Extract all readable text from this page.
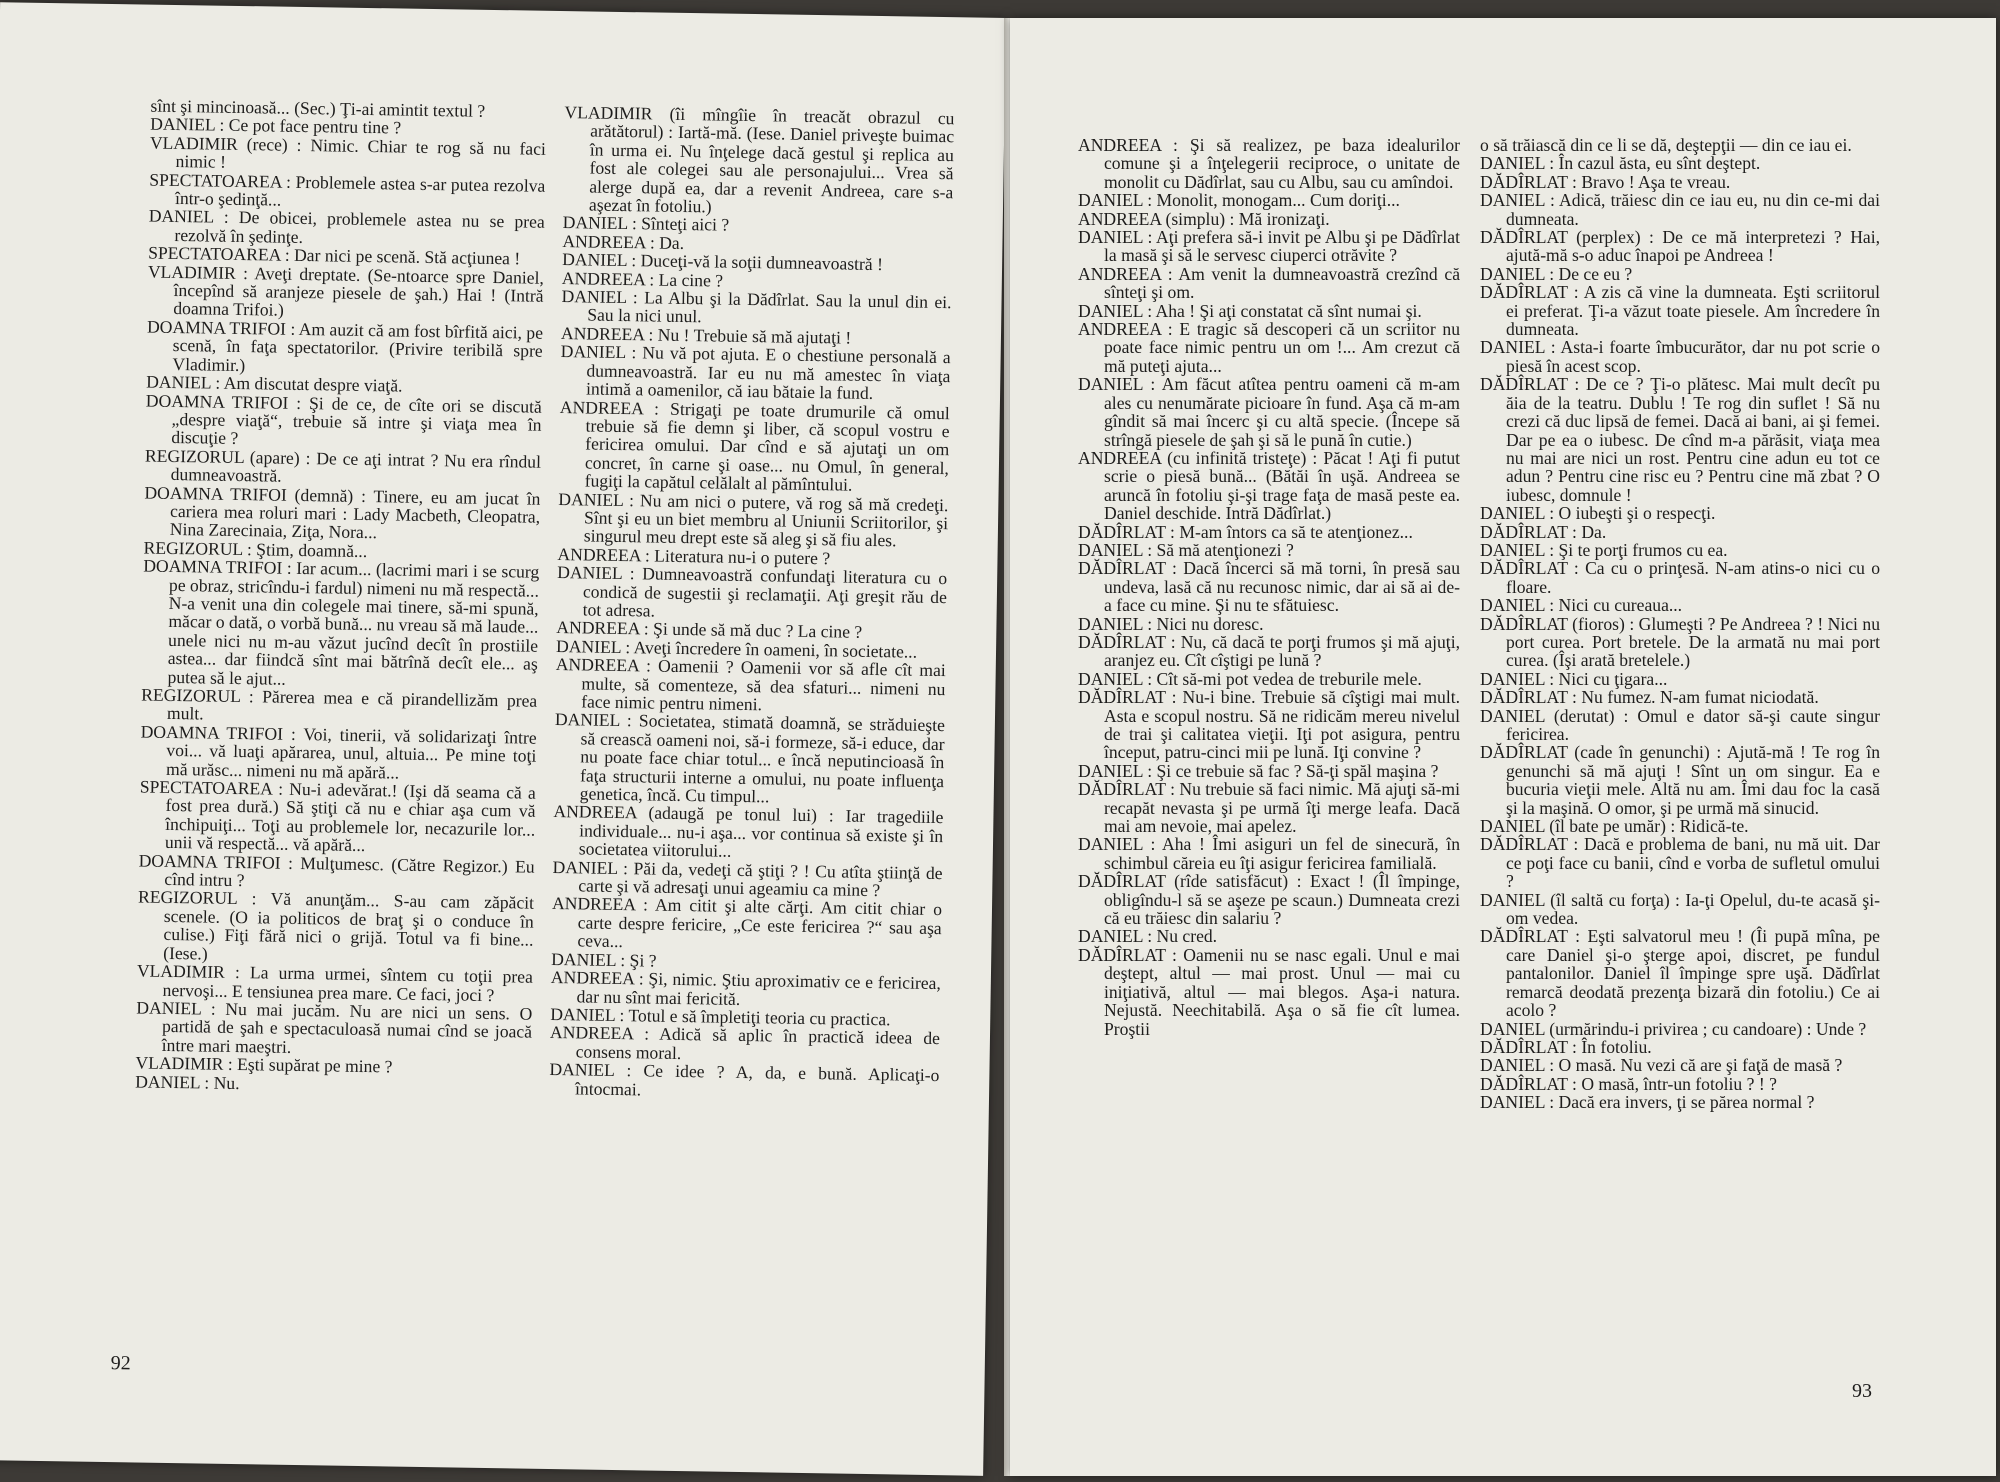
sînt şi mincinoasă... (Sec.) Ţi-ai amintit textul ?

DANIEL : Ce pot face pentru tine ?

VLADIMIR (rece) : Nimic. Chiar te rog să nu faci nimic !

SPECTATOAREA : Problemele astea s-ar putea rezolva într-o şedinţă...

DANIEL : De obicei, problemele astea nu se prea rezolvă în şedinţe.

SPECTATOAREA : Dar nici pe scenă. Stă acţiunea !

VLADIMIR : Aveţi dreptate. (Se-ntoarce spre Daniel, începînd să aranjeze piesele de şah.) Hai ! (Intră doamna Trifoi.)

DOAMNA TRIFOI : Am auzit că am fost bîrfită aici, pe scenă, în faţa spectatorilor. (Privire teribilă spre Vladimir.)

DANIEL : Am discutat despre viaţă.

DOAMNA TRIFOI : Şi de ce, de cîte ori se discută „despre viaţă“, trebuie să intre şi viaţa mea în discuţie ?

REGIZORUL (apare) : De ce aţi intrat ? Nu era rîndul dumneavoastră.

DOAMNA TRIFOI (demnă) : Tinere, eu am jucat în cariera mea roluri mari : Lady Macbeth, Cleopatra, Nina Zarecinaia, Ziţa, Nora...

REGIZORUL : Ştim, doamnă...

DOAMNA TRIFOI : Iar acum... (lacrimi mari i se scurg pe obraz, stricîndu-i fardul) nimeni nu mă respectă... N-a venit una din colegele mai tinere, să-mi spună, măcar o dată, o vorbă bună... nu vreau să mă laude... unele nici nu m-au văzut jucînd decît în prostiile astea... dar fiindcă sînt mai bătrînă decît ele... aş putea să le ajut...

REGIZORUL : Părerea mea e că pirandellizăm prea mult.

DOAMNA TRIFOI : Voi, tinerii, vă solidarizaţi între voi... vă luaţi apărarea, unul, altuia... Pe mine toţi mă urăsc... nimeni nu mă apără...

SPECTATOAREA : Nu-i adevărat.! (Işi dă seama că a fost prea dură.) Să ştiţi că nu e chiar aşa cum vă închipuiţi... Toţi au problemele lor, necazurile lor... unii vă respectă... vă apără...

DOAMNA TRIFOI : Mulţumesc. (Către Regizor.) Eu cînd intru ?

REGIZORUL : Vă anunţăm... S-au cam zăpăcit scenele. (O ia politicos de braţ şi o conduce în culise.) Fiţi fără nici o grijă. Totul va fi bine... (Iese.)

VLADIMIR : La urma urmei, sîntem cu toţii prea nervoşi... E tensiunea prea mare. Ce faci, joci ?

DANIEL : Nu mai jucăm. Nu are nici un sens. O partidă de şah e spectaculoasă numai cînd se joacă între mari maeştri.

VLADIMIR : Eşti supărat pe mine ?

DANIEL : Nu.

VLADIMIR (îi mîngîie în treacăt obrazul cu arătătorul) : Iartă-mă. (Iese. Daniel priveşte buimac în urma ei. Nu înţelege dacă gestul şi replica au fost ale colegei sau ale personajului... Vrea să alerge după ea, dar a revenit Andreea, care s-a aşezat în fotoliu.)

DANIEL : Sînteţi aici ?

ANDREEA : Da.

DANIEL : Duceţi-vă la soţii dumneavoastră !

ANDREEA : La cine ?

DANIEL : La Albu şi la Dădîrlat. Sau la unul din ei. Sau la nici unul.

ANDREEA : Nu ! Trebuie să mă ajutaţi !

DANIEL : Nu vă pot ajuta. E o chestiune personală a dumneavoastră. Iar eu nu mă amestec în viaţa intimă a oamenilor, că iau bătaie la fund.

ANDREEA : Strigaţi pe toate drumurile că omul trebuie să fie demn şi liber, că scopul vostru e fericirea omului. Dar cînd e să ajutaţi un om concret, în carne şi oase... nu Omul, în general, fugiţi la capătul celălalt al pămîntului.

DANIEL : Nu am nici o putere, vă rog să mă credeţi. Sînt şi eu un biet membru al Uniunii Scriitorilor, şi singurul meu drept este să aleg şi să fiu ales.

ANDREEA : Literatura nu-i o putere ?

DANIEL : Dumneavoastră confundaţi literatura cu o condică de sugestii şi reclamaţii. Aţi greşit rău de tot adresa.

ANDREEA : Şi unde să mă duc ? La cine ?

DANIEL : Aveţi încredere în oameni, în societate...

ANDREEA : Oamenii ? Oamenii vor să afle cît mai multe, să comenteze, să dea sfaturi... nimeni nu face nimic pentru nimeni.

DANIEL : Societatea, stimată doamnă, se străduieşte să crească oameni noi, să-i formeze, să-i educe, dar nu poate face chiar totul... e încă neputincioasă în faţa structurii interne a omului, nu poate influenţa genetica, încă. Cu timpul...

ANDREEA (adaugă pe tonul lui) : Iar tragediile individuale... nu-i aşa... vor continua să existe şi în societatea viitorului...

DANIEL : Păi da, vedeţi că ştiţi ? ! Cu atîta ştiinţă de carte şi vă adresaţi unui ageamiu ca mine ?

ANDREEA : Am citit şi alte cărţi. Am citit chiar o carte despre fericire, „Ce este fericirea ?“ sau aşa ceva...

DANIEL : Şi ?

ANDREEA : Şi, nimic. Ştiu aproximativ ce e fericirea, dar nu sînt mai fericită.

DANIEL : Totul e să împletiţi teoria cu practica.

ANDREEA : Adică să aplic în practică ideea de consens moral.

DANIEL : Ce idee ? A, da, e bună. Aplicaţi-o întocmai.

92

ANDREEA : Şi să realizez, pe baza idealurilor comune şi a înţelegerii reciproce, o unitate de monolit cu Dădîrlat, sau cu Albu, sau cu amîndoi.

DANIEL : Monolit, monogam... Cum doriţi...

ANDREEA (simplu) : Mă ironizaţi.

DANIEL : Aţi prefera să-i invit pe Albu şi pe Dădîrlat la masă şi să le servesc ciuperci otrăvite ?

ANDREEA : Am venit la dumneavoastră crezînd că sînteţi şi om.

DANIEL : Aha ! Şi aţi constatat că sînt numai şi.

ANDREEA : E tragic să descoperi că un scriitor nu poate face nimic pentru un om !... Am crezut că mă puteţi ajuta...

DANIEL : Am făcut atîtea pentru oameni că m-am ales cu nenumărate picioare în fund. Aşa că m-am gîndit să mai încerc şi cu altă specie. (Începe să strîngă piesele de şah şi să le pună în cutie.)

ANDREEA (cu infinită tristeţe) : Păcat ! Aţi fi putut scrie o piesă bună... (Bătăi în uşă. Andreea se aruncă în fotoliu şi-şi trage faţa de masă peste ea. Daniel deschide. Intră Dădîrlat.)

DĂDÎRLAT : M-am întors ca să te atenţionez...

DANIEL : Să mă atenţionezi ?

DĂDÎRLAT : Dacă încerci să mă torni, în presă sau undeva, lasă că nu recunosc nimic, dar ai să ai de-a face cu mine. Şi nu te sfătuiesc.

DANIEL : Nici nu doresc.

DĂDÎRLAT : Nu, că dacă te porţi frumos şi mă ajuţi, aranjez eu. Cît cîştigi pe lună ?

DANIEL : Cît să-mi pot vedea de treburile mele.

DĂDÎRLAT : Nu-i bine. Trebuie să cîştigi mai mult. Asta e scopul nostru. Să ne ridicăm mereu nivelul de trai şi calitatea vieţii. Iţi pot asigura, pentru început, patru-cinci mii pe lună. Iţi convine ?

DANIEL : Şi ce trebuie să fac ? Să-ţi spăl maşina ?

DĂDÎRLAT : Nu trebuie să faci nimic. Mă ajuţi să-mi recapăt nevasta şi pe urmă îţi merge leafa. Dacă mai am nevoie, mai apelez.

DANIEL : Aha ! Îmi asiguri un fel de sinecură, în schimbul căreia eu îţi asigur fericirea familială.

DĂDÎRLAT (rîde satisfăcut) : Exact ! (Îl împinge, obligîndu-l să se aşeze pe scaun.) Dumneata crezi că eu trăiesc din salariu ?

DANIEL : Nu cred.

DĂDÎRLAT : Oamenii nu se nasc egali. Unul e mai deştept, altul — mai prost. Unul — mai cu iniţiativă, altul — mai blegos. Aşa-i natura. Nejustă. Neechitabilă. Aşa o să fie cît lumea. Proştii

o să trăiască din ce li se dă, deştepţii — din ce iau ei.

DANIEL : În cazul ăsta, eu sînt deştept.

DĂDÎRLAT : Bravo ! Aşa te vreau.

DANIEL : Adică, trăiesc din ce iau eu, nu din ce-mi dai dumneata.

DĂDÎRLAT (perplex) : De ce mă interpretezi ? Hai, ajută-mă s-o aduc înapoi pe Andreea !

DANIEL : De ce eu ?

DĂDÎRLAT : A zis că vine la dumneata. Eşti scriitorul ei preferat. Ţi-a văzut toate piesele. Am încredere în dumneata.

DANIEL : Asta-i foarte îmbucurător, dar nu pot scrie o piesă în acest scop.

DĂDÎRLAT : De ce ? Ţi-o plătesc. Mai mult decît pu ăia de la teatru. Dublu ! Te rog din suflet ! Să nu crezi că duc lipsă de femei. Dacă ai bani, ai şi femei. Dar pe ea o iubesc. De cînd m-a părăsit, viaţa mea nu mai are nici un rost. Pentru cine adun eu tot ce adun ? Pentru cine risc eu ? Pentru cine mă zbat ? O iubesc, domnule !

DANIEL : O iubeşti şi o respecţi.

DĂDÎRLAT : Da.

DANIEL : Şi te porţi frumos cu ea.

DĂDÎRLAT : Ca cu o prinţesă. N-am atins-o nici cu o floare.

DANIEL : Nici cu cureaua...

DĂDÎRLAT (fioros) : Glumeşti ? Pe Andreea ? ! Nici nu port curea. Port bretele. De la armată nu mai port curea. (Îşi arată bretelele.)

DANIEL : Nici cu ţigara...

DĂDÎRLAT : Nu fumez. N-am fumat niciodată.

DANIEL (derutat) : Omul e dator să-şi caute singur fericirea.

DĂDÎRLAT (cade în genunchi) : Ajută-mă ! Te rog în genunchi să mă ajuţi ! Sînt un om singur. Ea e bucuria vieţii mele. Altă nu am. Îmi dau foc la casă şi la maşină. O omor, şi pe urmă mă sinucid.

DANIEL (îl bate pe umăr) : Ridică-te.

DĂDÎRLAT : Dacă e problema de bani, nu mă uit. Dar ce poţi face cu banii, cînd e vorba de sufletul omului ?

DANIEL (îl saltă cu forţa) : Ia-ţi Opelul, du-te acasă şi-om vedea.

DĂDÎRLAT : Eşti salvatorul meu ! (Îi pupă mîna, pe care Daniel şi-o şterge apoi, discret, pe fundul pantalonilor. Daniel îl împinge spre uşă. Dădîrlat remarcă deodată prezenţa bizară din fotoliu.) Ce ai acolo ?

DANIEL (urmărindu-i privirea ; cu candoare) : Unde ?

DĂDÎRLAT : În fotoliu.

DANIEL : O masă. Nu vezi că are şi faţă de masă ?

DĂDÎRLAT : O masă, într-un fotoliu ? ! ?

DANIEL : Dacă era invers, ţi se părea normal ?

93
